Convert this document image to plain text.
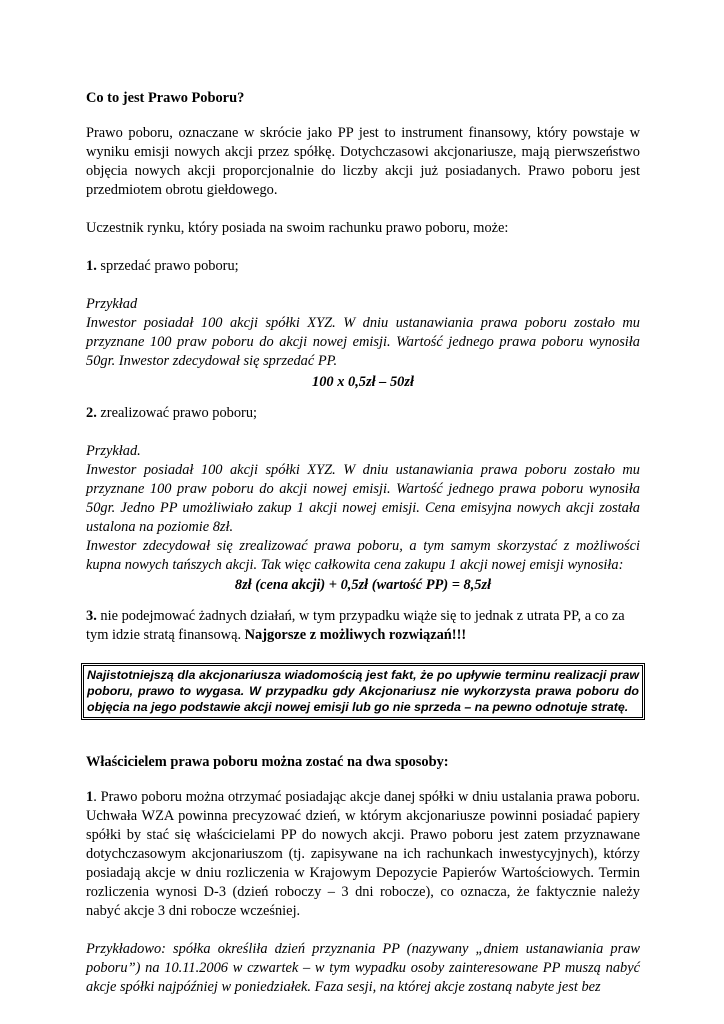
Co to jest Prawo Poboru?

Prawo poboru, oznaczane w skrócie jako PP jest to instrument finansowy, który powstaje w wyniku emisji nowych akcji przez spółkę. Dotychczasowi akcjonariusze, mają pierwszeństwo objęcia nowych akcji proporcjonalnie do liczby akcji już posiadanych. Prawo poboru jest przedmiotem obrotu giełdowego.

Uczestnik rynku, który posiada na swoim rachunku prawo poboru, może:

1. sprzedać prawo poboru;

Przykład
Inwestor posiadał 100 akcji spółki XYZ. W dniu ustanawiania prawa poboru zostało mu przyznane 100 praw poboru do akcji nowej emisji. Wartość jednego prawa poboru wynosiła 50gr. Inwestor zdecydował się sprzedać PP.

100 x 0,5zł – 50zł

2. zrealizować prawo poboru;

Przykład.
Inwestor posiadał 100 akcji spółki XYZ. W dniu ustanawiania prawa poboru zostało mu przyznane 100 praw poboru do akcji nowej emisji. Wartość jednego prawa poboru wynosiła 50gr. Jedno PP umożliwiało zakup 1 akcji nowej emisji. Cena emisyjna nowych akcji została ustalona na poziomie 8zł.
Inwestor zdecydował się zrealizować prawa poboru, a tym samym skorzystać z możliwości kupna nowych tańszych akcji. Tak więc całkowita cena zakupu 1 akcji nowej emisji wynosiła:

8zł (cena akcji) + 0,5zł (wartość PP) = 8,5zł

3. nie podejmować żadnych działań, w tym przypadku wiąże się to jednak z utrata PP, a co za tym idzie stratą finansową. Najgorsze z możliwych rozwiązań!!!

Najistotniejszą dla akcjonariusza wiadomością jest fakt, że po upływie terminu realizacji praw poboru, prawo to wygasa. W przypadku gdy Akcjonariusz nie wykorzysta prawa poboru do objęcia na jego podstawie akcji nowej emisji lub go nie sprzeda – na pewno odnotuje stratę.

Właścicielem prawa poboru można zostać na dwa sposoby:

1. Prawo poboru można otrzymać posiadając akcje danej spółki w dniu ustalania prawa poboru. Uchwała WZA powinna precyzować dzień, w którym akcjonariusze powinni posiadać papiery spółki by stać się właścicielami PP do nowych akcji. Prawo poboru jest zatem przyznawane dotychczasowym akcjonariuszom (tj. zapisywane na ich rachunkach inwestycyjnych), którzy posiadają akcje w dniu rozliczenia w Krajowym Depozycie Papierów Wartościowych. Termin rozliczenia wynosi D-3 (dzień roboczy – 3 dni robocze), co oznacza, że faktycznie należy nabyć akcje 3 dni robocze wcześniej.

Przykładowo: spółka określiła dzień przyznania PP (nazywany „dniem ustanawiania praw poboru”) na 10.11.2006 w czwartek – w tym wypadku osoby zainteresowane PP muszą nabyć akcje spółki najpóźniej w poniedziałek. Faza sesji, na której akcje zostaną nabyte jest bez
